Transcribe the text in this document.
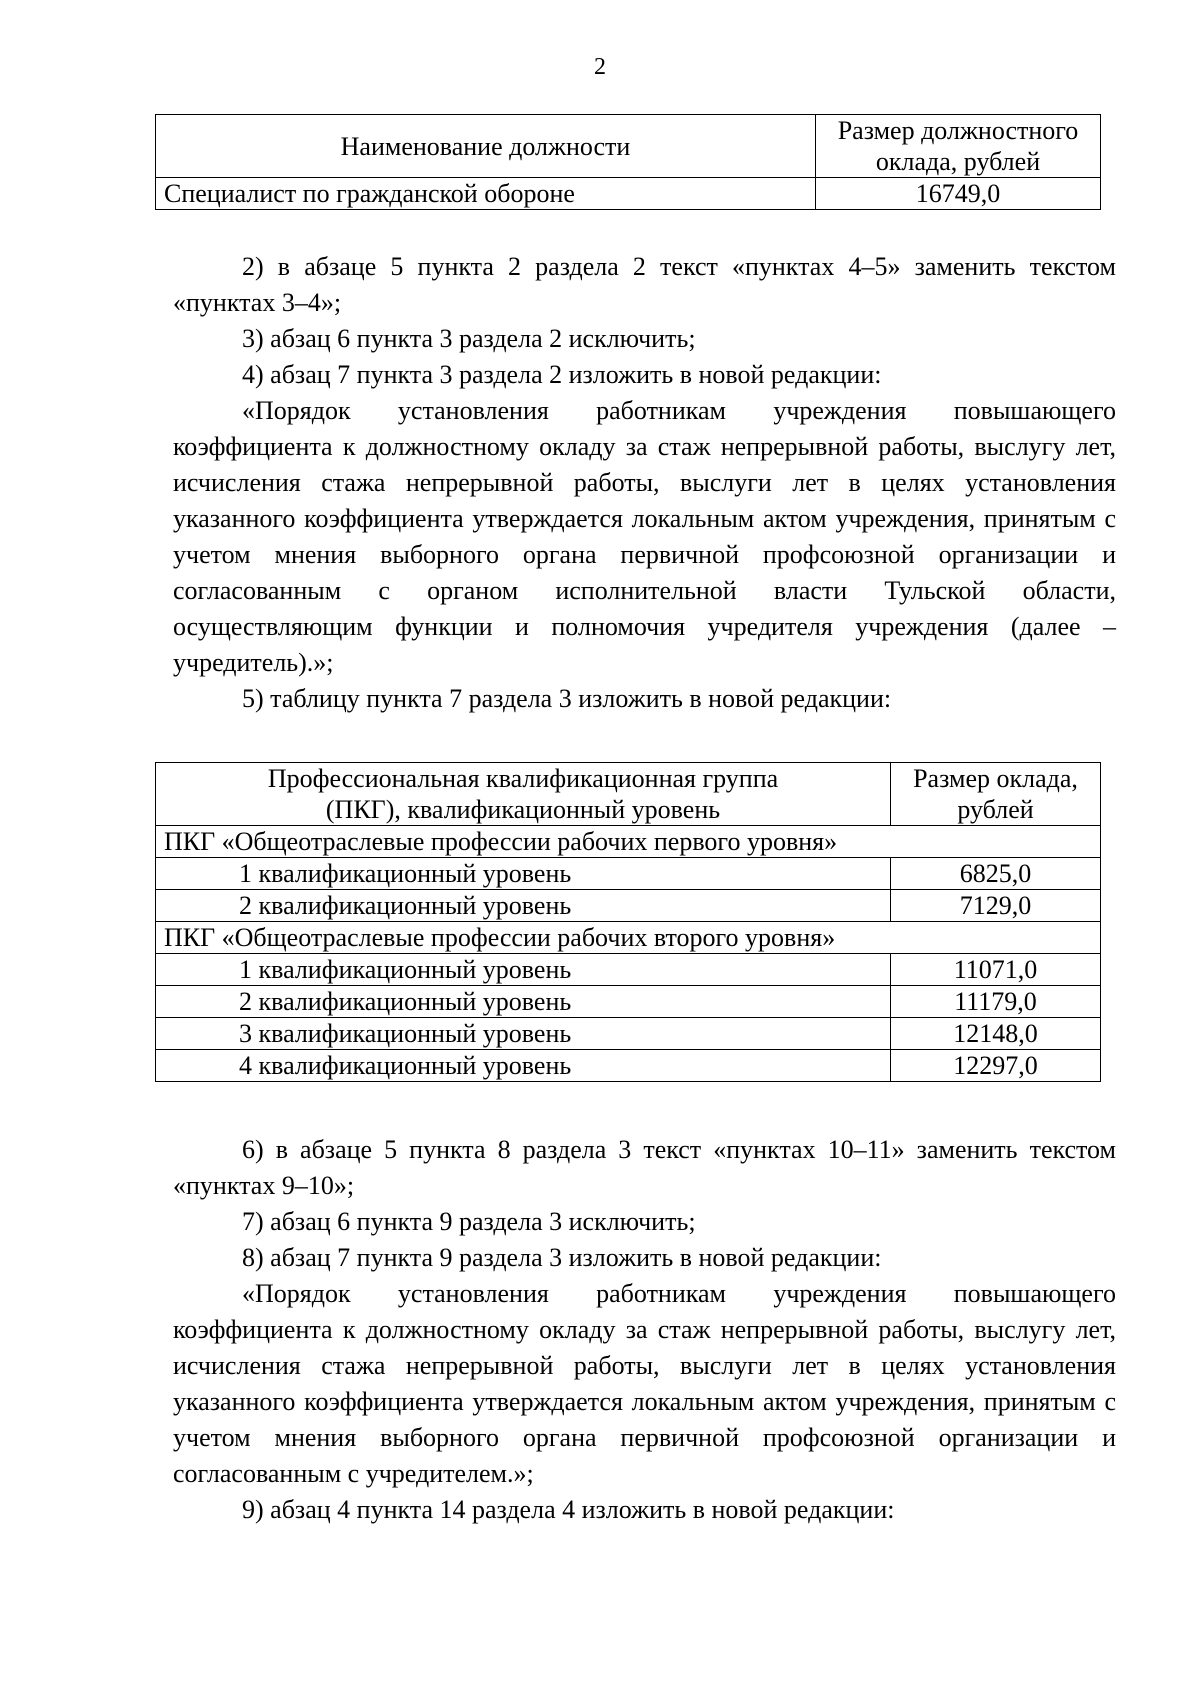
2
Наименование должности	Размер должностного
оклада, рублей
Специалист по гражданской обороне	16749,0

2) в абзаце 5 пункта 2 раздела 2 текст «пунктах 4–5» заменить текстом «пунктах 3–4»;

3) абзац 6 пункта 3 раздела 2 исключить;

4) абзац 7 пункта 3 раздела 2 изложить в новой редакции:

«Порядок установления работникам учреждения повышающего коэффициента к должностному окладу за стаж непрерывной работы, выслугу лет, исчисления стажа непрерывной работы, выслуги лет в целях установления указанного коэффициента утверждается локальным актом учреждения, принятым с учетом мнения выборного органа первичной профсоюзной организации и согласованным с органом исполнительной власти Тульской области, осуществляющим функции и полномочия учредителя учреждения (далее – учредитель).»;

5) таблицу пункта 7 раздела 3 изложить в новой редакции:

Профессиональная квалификационная группа
(ПКГ), квалификационный уровень	Размер оклада,
рублей
ПКГ «Общеотраслевые профессии рабочих первого уровня»	
1 квалификационный уровень	6825,0
2 квалификационный уровень	7129,0
ПКГ «Общеотраслевые профессии рабочих второго уровня»	
1 квалификационный уровень	11071,0
2 квалификационный уровень	11179,0
3 квалификационный уровень	12148,0
4 квалификационный уровень	12297,0

6) в абзаце 5 пункта 8 раздела 3 текст «пунктах 10–11» заменить текстом «пунктах 9–10»;

7) абзац 6 пункта 9 раздела 3 исключить;

8) абзац 7 пункта 9 раздела 3 изложить в новой редакции:

«Порядок установления работникам учреждения повышающего коэффициента к должностному окладу за стаж непрерывной работы, выслугу лет, исчисления стажа непрерывной работы, выслуги лет в целях установления указанного коэффициента утверждается локальным актом учреждения, принятым с учетом мнения выборного органа первичной профсоюзной организации и согласованным с учредителем.»;

9) абзац 4 пункта 14 раздела 4 изложить в новой редакции:
